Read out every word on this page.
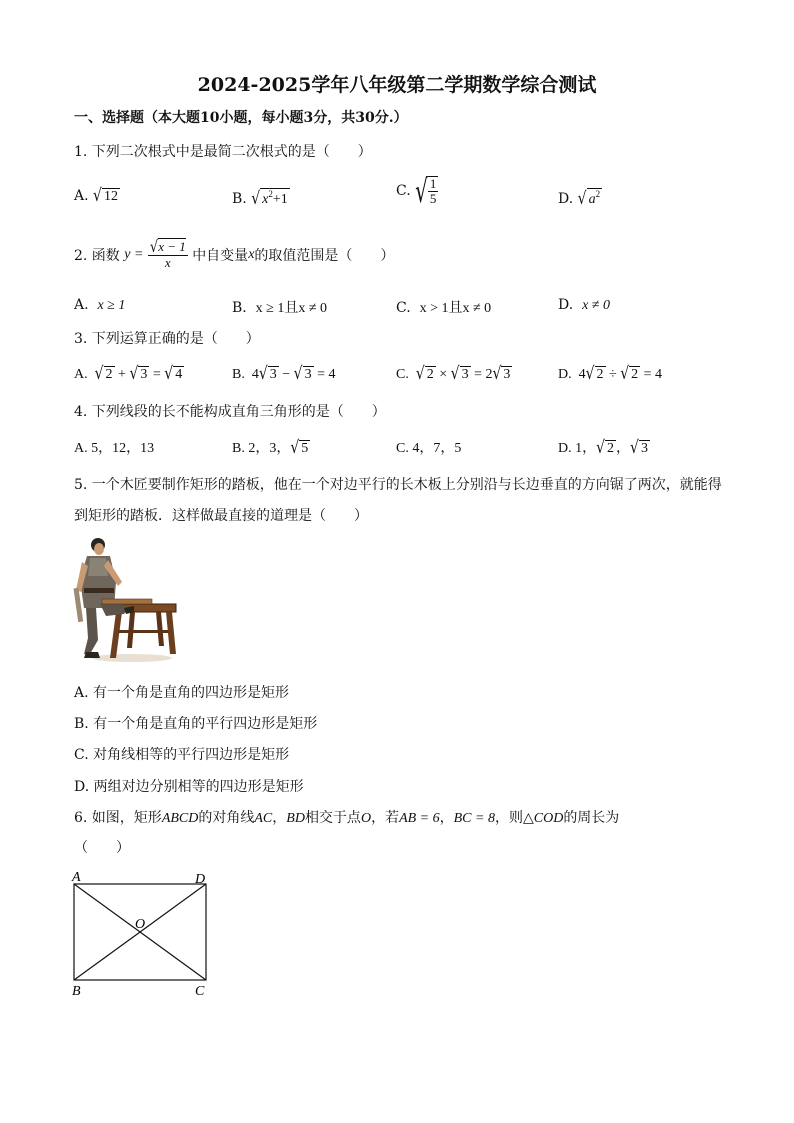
2024-2025学年八年级第二学期数学综合测试
一、选择题（本大题10小题，每小题3分，共30分.）
1. 下列二次根式中是最简二次根式的是（　　）
A. √ 12	B. √ $x^2+1$
C. √ $\frac{1}{5}$	D. √ $a^2$
2. 函数 $y = \frac{√x - 1}{x}$ 中自变量x的取值范围是（　　）
A. x ≥ 1	B. x ≥ 1且x ≠ 0	C. x > 1且x ≠ 0	D. x ≠ 0
3. 下列运算正确的是（　　）
A. √ 2 + √ 3 = √ 4	B. 4√ 3 − √ 3 = 4	C. √ 2 × √ 3 = 2√ 3	D. 4√ 2 ÷ √ 2 = 4
4. 下列线段的长不能构成直角三角形的是（　　）
A. 5，12，13	B. 2，3，√ 5	C. 4，7，5	D. 1，√ 2 ，√ 3
5. 一个木匠要制作矩形的踏板，他在一个对边平行的长木板上分别沿与长边垂直的方向锯了两次，就能得
到矩形的踏板．这样做最直接的道理是（　　）
A. 有一个角是直角的四边形是矩形
B. 有一个角是直角的平行四边形是矩形
C. 对角线相等的平行四边形是矩形
D. 两组对边分别相等的四边形是矩形
6. 如图，矩形ABCD的对角线AC，BD相交于点O，若AB = 6，BC = 8，则△COD的周长为
（　　）
A	D
B	C
O
